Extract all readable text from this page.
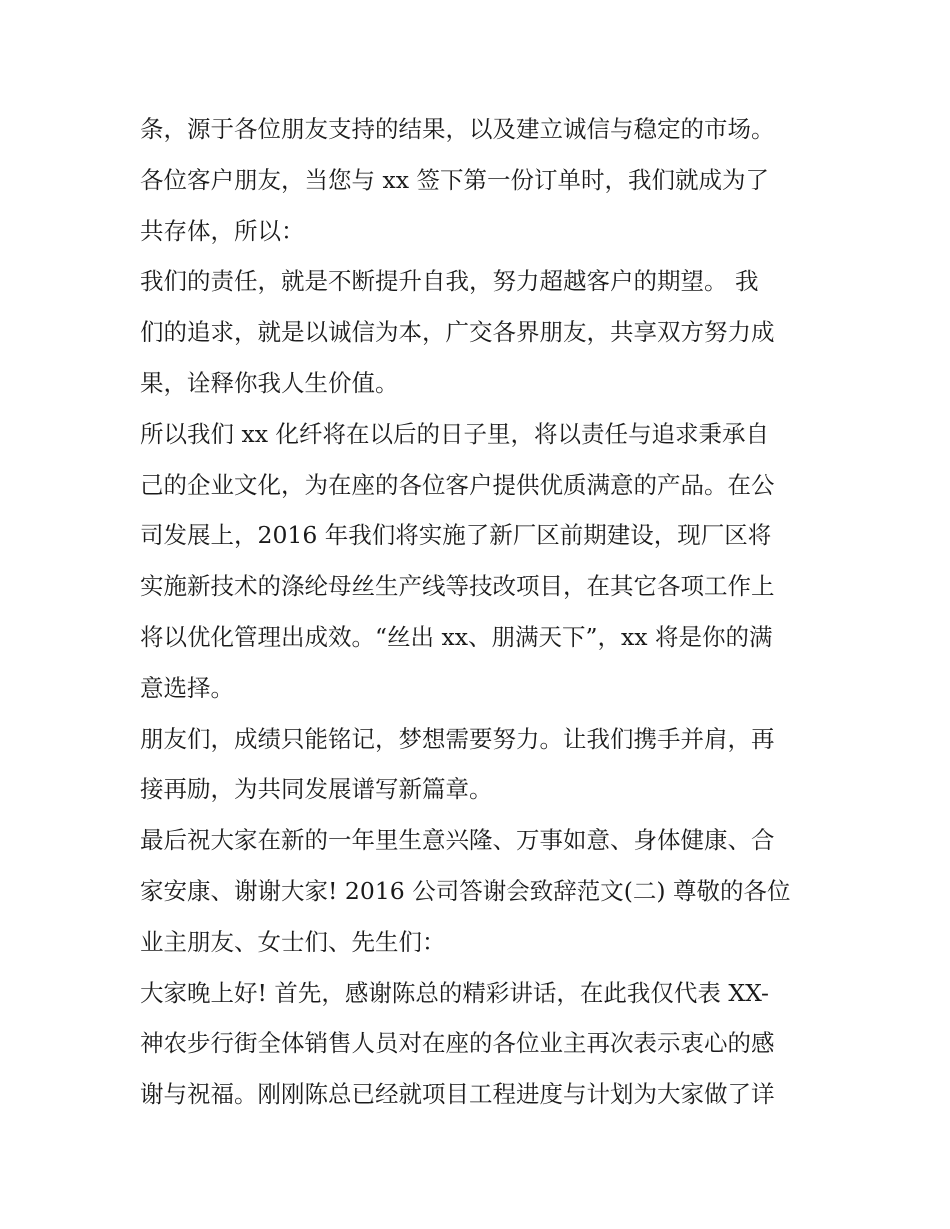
条，源于各位朋友支持的结果，以及建立诚信与稳定的市场。
各位客户朋友，当您与 xx 签下第一份订单时，我们就成为了
共存体，所以：
我们的责任，就是不断提升自我，努力超越客户的期望。 我
们的追求，就是以诚信为本，广交各界朋友，共享双方努力成
果，诠释你我人生价值。
所以我们 xx 化纤将在以后的日子里，将以责任与追求秉承自
己的企业文化，为在座的各位客户提供优质满意的产品。在公
司发展上，2016 年我们将实施了新厂区前期建设，现厂区将
实施新技术的涤纶母丝生产线等技改项目，在其它各项工作上
将以优化管理出成效。“丝出 xx、朋满天下”，xx 将是你的满
意选择。
朋友们，成绩只能铭记，梦想需要努力。让我们携手并肩，再
接再励，为共同发展谱写新篇章。
最后祝大家在新的一年里生意兴隆、万事如意、身体健康、合
家安康、谢谢大家! 2016 公司答谢会致辞范文(二) 尊敬的各位
业主朋友、女士们、先生们：
大家晚上好! 首先，感谢陈总的精彩讲话，在此我仅代表 XX-
神农步行街全体销售人员对在座的各位业主再次表示衷心的感
谢与祝福。刚刚陈总已经就项目工程进度与计划为大家做了详
